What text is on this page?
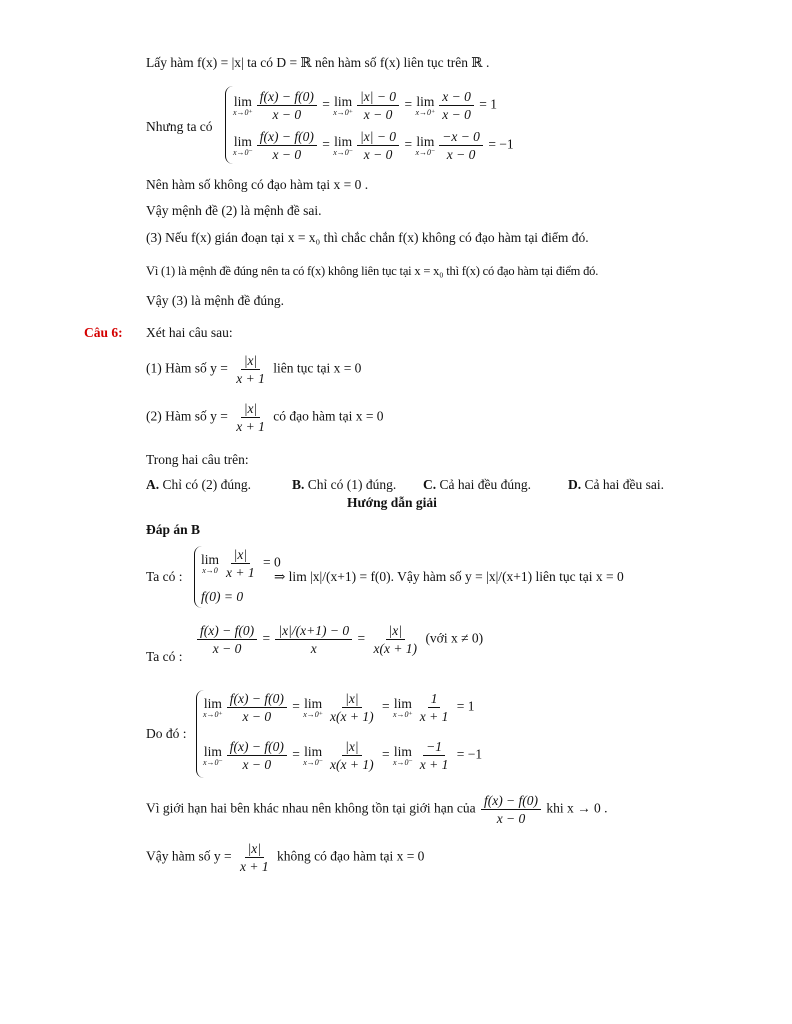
Lấy hàm f(x) = |x| ta có D = ℝ nên hàm số f(x) liên tục trên ℝ .
Nhưng ta có
lim
$x\to 0^+ \frac{f(x) - f(0)}{x - 0} = \lim$
$x\to 0^+ \frac{|x| - 0}{x - 0} = \lim$
$x\to 0^+ \frac{x - 0}{x - 0} = 1$
lim
$x\to 0^- \frac{f(x) - f(0)}{x - 0} = \lim$
$x\to 0^- \frac{|x| - 0}{x - 0} = \lim$
$x\to 0^- \frac{-x - 0}{x - 0} = -1$
Nên hàm số không có đạo hàm tại x = 0 .
Vậy mệnh đề (2) là mệnh đề sai.
(3) Nếu f(x) gián đoạn tại x = x₀ thì chắc chắn f(x) không có đạo hàm tại điểm đó.
Vì (1) là mệnh đề đúng nên ta có f(x) không liên tục tại x = x₀ thì f(x) có đạo hàm tại điểm đó.
Vậy (3) là mệnh đề đúng.
Câu 6: Xét hai câu sau:
(1) Hàm số $y = \frac{|x|}{x + 1}$ liên tục tại x = 0
(2) Hàm số $y = \frac{|x|}{x + 1}$ có đạo hàm tại x = 0
Trong hai câu trên:
A. Chỉ có (2) đúng.	B. Chỉ có (1) đúng. C. Cả hai đều đúng.	D. Cả hai đều sai.
Hướng dẫn giải
Đáp án B
Ta có :
lim
$x\to 0 \frac{|x|}{x + 1} = 0$
f(0) = 0
⇒ lim |x|/(x+1) = f(0). Vậy hàm số y = |x|/(x+1) liên tục tại x = 0
Ta có : $\frac{f(x) - f(0)}{x - 0} = \frac{|x|/(x+1) - 0}{x} = \frac{|x|}{x(x + 1)}$ (với x ≠ 0)
Do đó :
lim
$x\to 0^+ \frac{f(x) - f(0)}{x - 0} = \lim$
$x\to 0^+ \frac{|x|}{x(x + 1)} = \lim$
$x\to 0^+ \frac{1}{x + 1} = 1$
lim
$x\to 0^- \frac{f(x) - f(0)}{x - 0} = \lim$
$x\to 0^- \frac{|x|}{x(x + 1)} = \lim$
$x\to 0^- \frac{-1}{x + 1} = -1$
Vì giới hạn hai bên khác nhau nên không tồn tại giới hạn của $\frac{f(x) - f(0)}{x - 0}$ khi x → 0 .
Vậy hàm số $y = \frac{|x|}{x + 1}$ không có đạo hàm tại x = 0
